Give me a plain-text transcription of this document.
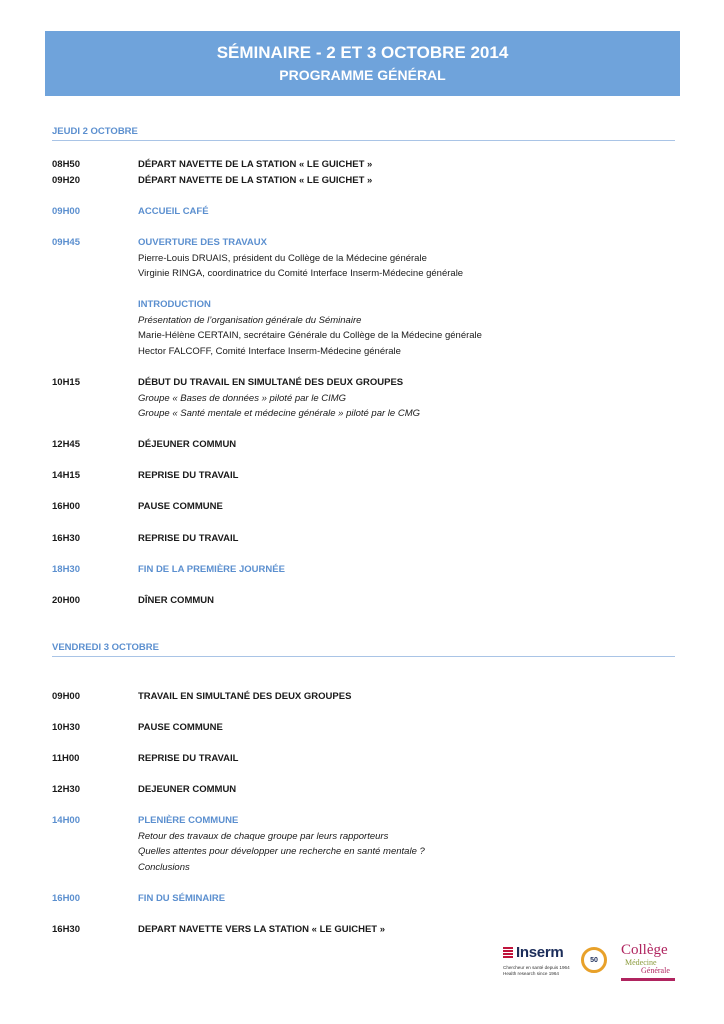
SÉMINAIRE - 2 ET 3 OCTOBRE 2014
PROGRAMME GÉNÉRAL
JEUDI 2 OCTOBRE
08H50	DÉPART NAVETTE DE LA STATION « LE GUICHET »
09H20	DÉPART NAVETTE DE LA STATION « LE GUICHET »
09H00	ACCUEIL CAFÉ
09H45	OUVERTURE DES TRAVAUX
Pierre-Louis DRUAIS, président du Collège de la Médecine générale
Virginie RINGA, coordinatrice du Comité Interface Inserm-Médecine générale
INTRODUCTION
Présentation de l’organisation générale du Séminaire
Marie-Hélène CERTAIN, secrétaire Générale du Collège de la Médecine générale
Hector FALCOFF, Comité Interface Inserm-Médecine générale
10H15	DÉBUT DU TRAVAIL EN SIMULTANÉ DES DEUX GROUPES
Groupe « Bases de données » piloté par le CIMG
Groupe « Santé mentale et médecine générale » piloté par le CMG
12H45	DÉJEUNER COMMUN
14H15	REPRISE DU TRAVAIL
16H00	PAUSE COMMUNE
16H30	REPRISE DU TRAVAIL
18H30	FIN DE LA PREMIÈRE JOURNÉE
20H00	DÎNER COMMUN
VENDREDI 3 OCTOBRE
09H00	TRAVAIL EN SIMULTANÉ DES DEUX GROUPES
10H30	PAUSE COMMUNE
11H00	REPRISE DU TRAVAIL
12H30	DEJEUNER COMMUN
14H00	PLENIÈRE COMMUNE
Retour des travaux de chaque groupe par leurs rapporteurs
Quelles attentes pour développer une recherche en santé mentale ?
Conclusions
16H00	FIN DU SÉMINAIRE
16H30	DEPART NAVETTE VERS LA STATION « LE GUICHET »
Inserm
Chercheur en santé depuis 1964
Health research since 1964
50
Collège
Médecine
Générale
